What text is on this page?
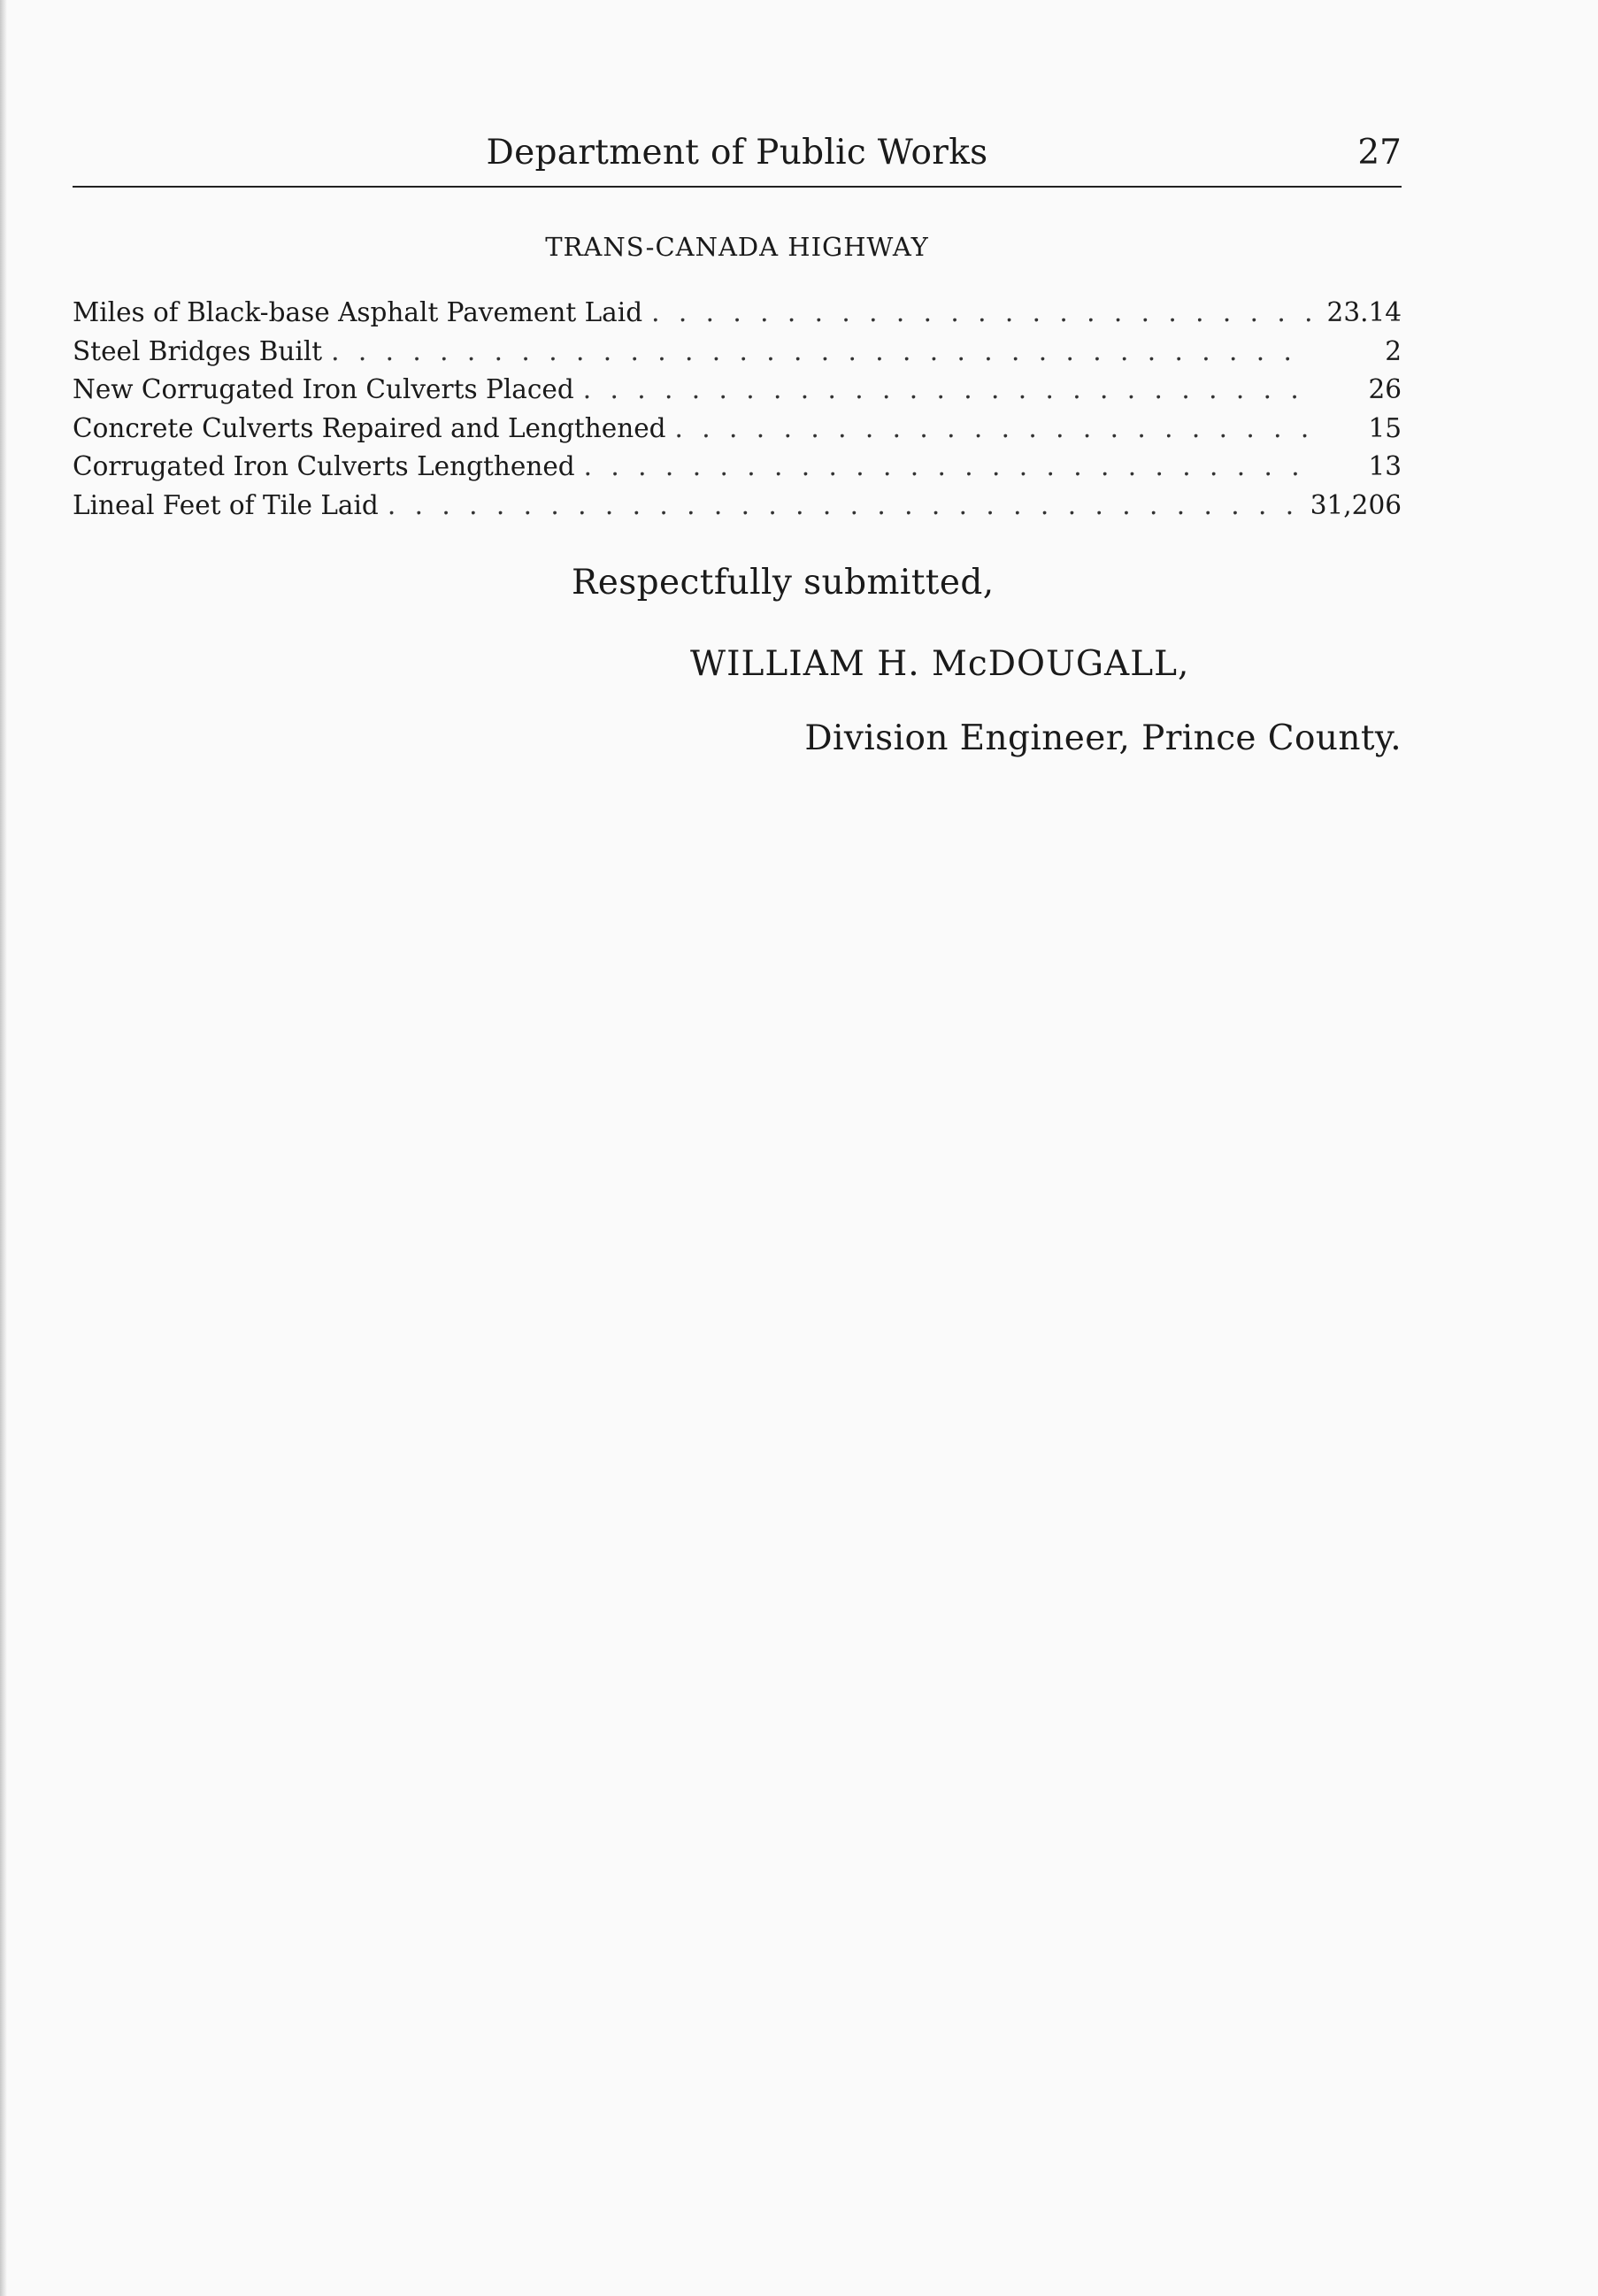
Department of Public Works	27
TRANS-CANADA HIGHWAY
Miles of Black-base Asphalt Pavement Laid . . .	23.14
Steel Bridges Built . . .	2
New Corrugated Iron Culverts Placed . . .	26
Concrete Culverts Repaired and Lengthened . . .	15
Corrugated Iron Culverts Lengthened . . .	13
Lineal Feet of Tile Laid . . .	31,206
Respectfully submitted,
WILLIAM H. McDOUGALL,
Division Engineer, Prince County.
